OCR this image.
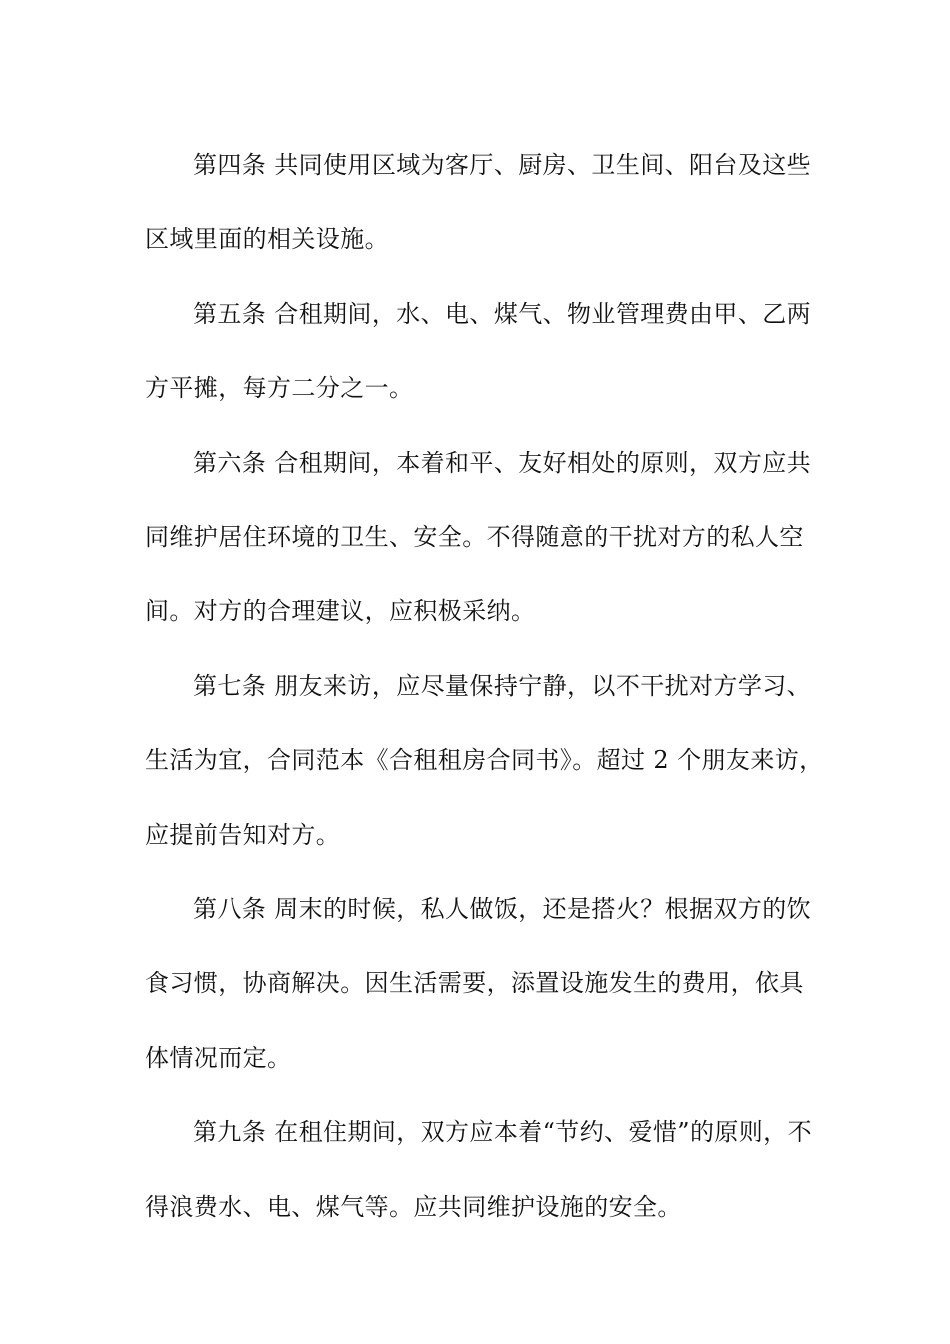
第四条 共同使用区域为客厅、厨房、卫生间、阳台及这些区域里面的相关设施。

第五条 合租期间，水、电、煤气、物业管理费由甲、乙两方平摊，每方二分之一。

第六条 合租期间，本着和平、友好相处的原则，双方应共同维护居住环境的卫生、安全。不得随意的干扰对方的私人空间。对方的合理建议，应积极采纳。

第七条 朋友来访，应尽量保持宁静，以不干扰对方学习、生活为宜，合同范本《合租租房合同书》。超过 2 个朋友来访，应提前告知对方。

第八条 周末的时候，私人做饭，还是搭火？根据双方的饮食习惯，协商解决。因生活需要，添置设施发生的费用，依具体情况而定。

第九条 在租住期间，双方应本着“节约、爱惜”的原则，不得浪费水、电、煤气等。应共同维护设施的安全。
